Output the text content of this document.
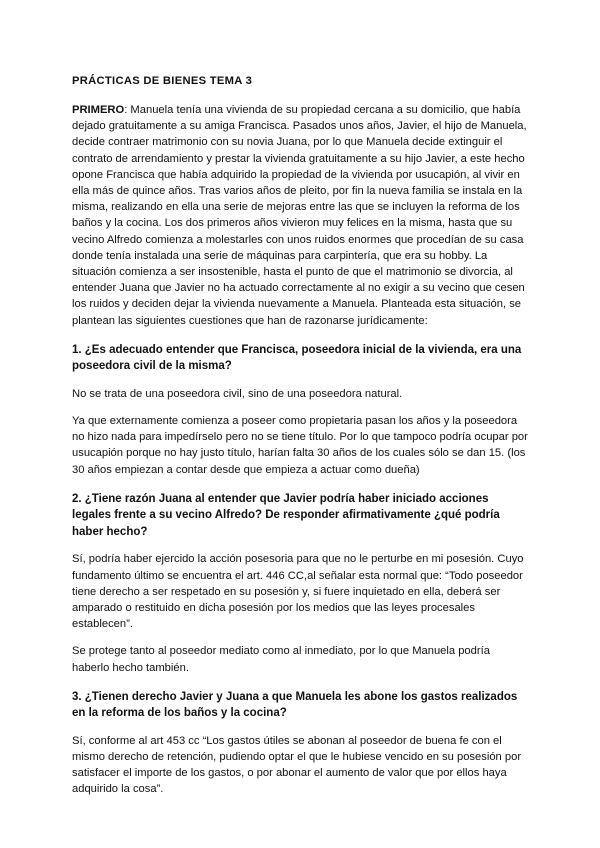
PRÁCTICAS DE BIENES TEMA 3

PRIMERO: Manuela tenía una vivienda de su propiedad cercana a su domicilio, que había dejado gratuitamente a su amiga Francisca. Pasados unos años, Javier, el hijo de Manuela, decide contraer matrimonio con su novia Juana, por lo que Manuela decide extinguir el contrato de arrendamiento y prestar la vivienda gratuitamente a su hijo Javier, a este hecho opone Francisca que había adquirido la propiedad de la vivienda por usucapión, al vivir en ella más de quince años. Tras varios años de pleito, por fin la nueva familia se instala en la misma, realizando en ella una serie de mejoras entre las que se incluyen la reforma de los baños y la cocina. Los dos primeros años vivieron muy felices en la misma, hasta que su vecino Alfredo comienza a molestarles con unos ruidos enormes que procedían de su casa donde tenía instalada una serie de máquinas para carpintería, que era su hobby. La situación comienza a ser insostenible, hasta el punto de que el matrimonio se divorcia, al entender Juana que Javier no ha actuado correctamente al no exigir a su vecino que cesen los ruidos y deciden dejar la vivienda nuevamente a Manuela. Planteada esta situación, se plantean las siguientes cuestiones que han de razonarse jurídicamente:

1. ¿Es adecuado entender que Francisca, poseedora inicial de la vivienda, era una poseedora civil de la misma?

No se trata de una poseedora civil, sino de una poseedora natural.

Ya que externamente comienza a poseer como propietaria pasan los años y la poseedora no hizo nada para impedírselo pero no se tiene título. Por lo que tampoco podría ocupar por usucapión porque no hay justo título, harían falta 30 años de los cuales sólo se dan 15. (los 30 años empiezan a contar desde que empieza a actuar como dueña)

2. ¿Tiene razón Juana al entender que Javier podría haber iniciado acciones legales frente a su vecino Alfredo? De responder afirmativamente ¿qué podría haber hecho?

Sí, podría haber ejercido la acción posesoria para que no le perturbe en mi posesión. Cuyo fundamento último se encuentra el art. 446 CC,al señalar esta normal que: “Todo poseedor tiene derecho a ser respetado en su posesión y, si fuere inquietado en ella, deberá ser amparado o restituido en dicha posesión por los medios que las leyes procesales establecen”.

Se protege tanto al poseedor mediato como al inmediato, por lo que Manuela podría haberlo hecho también.

3. ¿Tienen derecho Javier y Juana a que Manuela les abone los gastos realizados en la reforma de los baños y la cocina?

Sí, conforme al art 453 cc “Los gastos útiles se abonan al poseedor de buena fe con el mismo derecho de retención, pudiendo optar el que le hubiese vencido en su posesión por satisfacer el importe de los gastos, o por abonar el aumento de valor que por ellos haya adquirido la cosa”.
